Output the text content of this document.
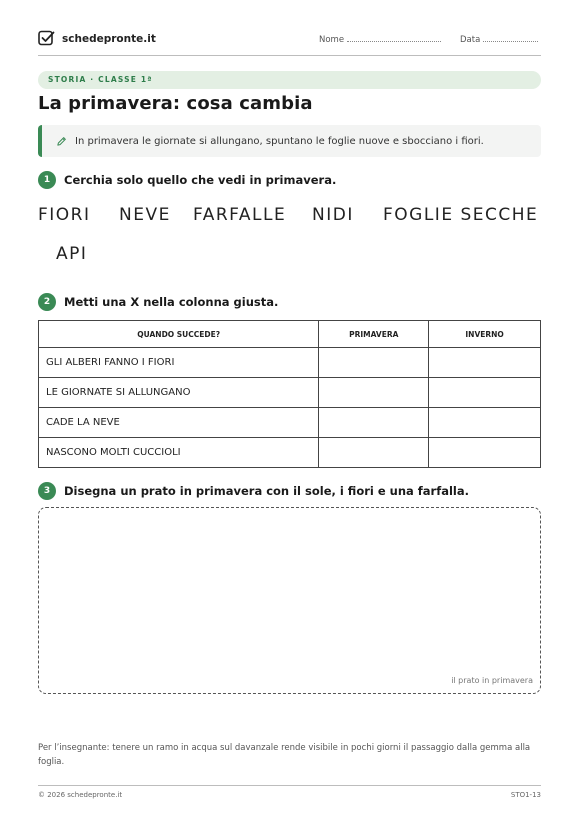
schedepronte.it	Nome	Data
STORIA · CLASSE 1ª
La primavera: cosa cambia
In primavera le giornate si allungano, spuntano le foglie nuove e sbocciano i fiori.
1	Cerchia solo quello che vedi in primavera.
FIORI NEVE FARFALLE NIDI FOGLIE SECCHE
API
2	Metti una X nella colonna giusta.
QUANDO SUCCEDE?	PRIMAVERA	INVERNO
GLI ALBERI FANNO I FIORI		
LE GIORNATE SI ALLUNGANO		
CADE LA NEVE		
NASCONO MOLTI CUCCIOLI		
3	Disegna un prato in primavera con il sole, i fiori e una farfalla.
il prato in primavera
Per l’insegnante: tenere un ramo in acqua sul davanzale rende visibile in pochi giorni il passaggio dalla gemma alla foglia.
© 2026 schedepronte.it	STO1-13
